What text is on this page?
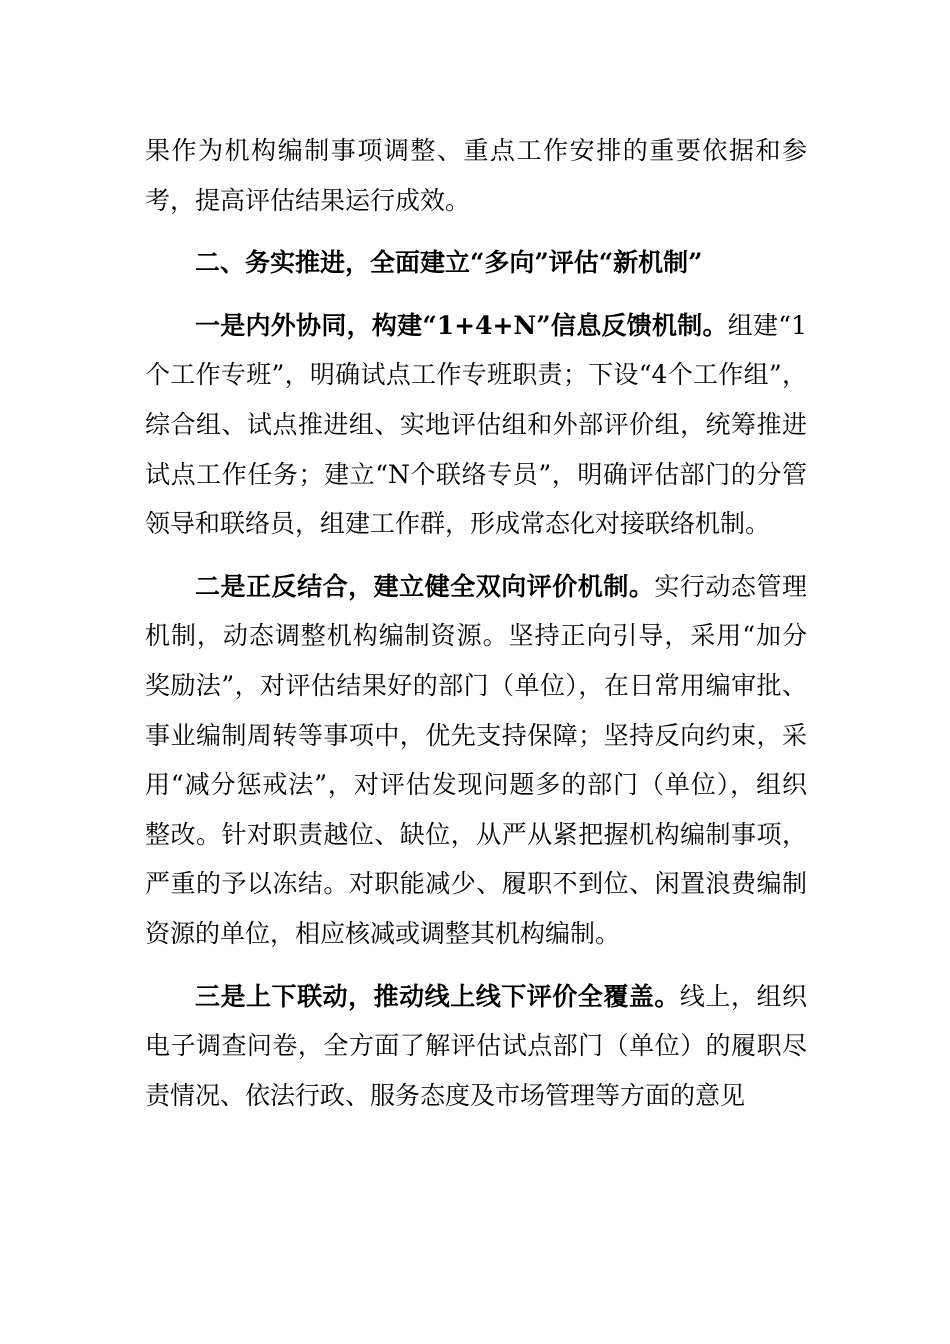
果作为机构编制事项调整、重点工作安排的重要依据和参考，提高评估结果运行成效。

二、务实推进，全面建立“多向”评估“新机制”

一是内外协同，构建“1+4+N”信息反馈机制。组建“1个工作专班”，明确试点工作专班职责；下设“4个工作组”，综合组、试点推进组、实地评估组和外部评价组，统筹推进试点工作任务；建立“N个联络专员”，明确评估部门的分管领导和联络员，组建工作群，形成常态化对接联络机制。

二是正反结合，建立健全双向评价机制。实行动态管理机制，动态调整机构编制资源。坚持正向引导，采用“加分奖励法”，对评估结果好的部门（单位），在日常用编审批、事业编制周转等事项中，优先支持保障；坚持反向约束，采用“减分惩戒法”，对评估发现问题多的部门（单位），组织整改。针对职责越位、缺位，从严从紧把握机构编制事项，严重的予以冻结。对职能减少、履职不到位、闲置浪费编制资源的单位，相应核减或调整其机构编制。

三是上下联动，推动线上线下评价全覆盖。线上，组织电子调查问卷，全方面了解评估试点部门（单位）的履职尽责情况、依法行政、服务态度及市场管理等方面的意见
